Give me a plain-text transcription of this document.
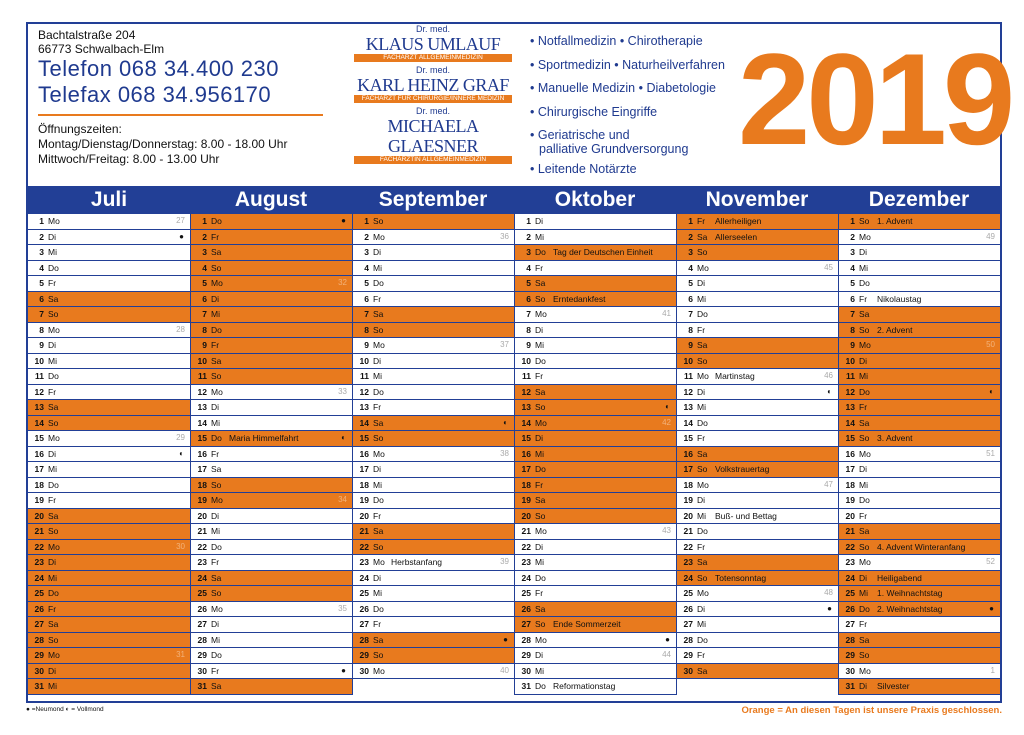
Bachtalstraße 204
66773 Schwalbach-Elm
Telefon 068 34.400 230
Telefax 068 34.956170
Öffnungszeiten:
Montag/Dienstag/Donnerstag: 8.00 - 18.00 Uhr
Mittwoch/Freitag: 8.00 - 13.00 Uhr
Dr. med.
KLAUS UMLAUF
FACHARZT ALLGEMEINMEDIZIN
Dr. med.
KARL HEINZ GRAF
FACHARZT FÜR CHIRURGIE/INNERE MEDIZIN
Dr. med.
MICHAELA GLAESNER
FACHÄRZTIN ALLGEMEINMEDIZIN
• Notfallmedizin • Chirotherapie
• Sportmedizin • Naturheilverfahren
• Manuelle Medizin • Diabetologie
• Chirurgische Eingriffe
• Geriatrische und
palliative Grundversorgung
• Leitende Notärzte 2019
Juli	August	September	Oktober	November	Dezember
1 Mo	27
2 Di	●
3 Mi
4 Do
5 Fr
6 Sa
7 So
8 Mo	28
9 Di
10 Mi
11 Do
12 Fr
13 Sa
14 So
15 Mo	29
16 Di	◐
17 Mi
18 Do
19 Fr
20 Sa
21 So
22 Mo	30
23 Di
24 Mi
25 Do
26 Fr
27 Sa
28 So
29 Mo	31
30 Di
31 Mi
1 Do	●
2 Fr
3 Sa
4 So
5 Mo	32
6 Di
7 Mi
8 Do
9 Fr
10 Sa
11 So
12 Mo	33
13 Di
14 Mi
15 Do Maria Himmelfahrt	◐
16 Fr
17 Sa
18 So
19 Mo	34
20 Di
21 Mi
22 Do
23 Fr
24 Sa
25 So
26 Mo	35
27 Di
28 Mi
29 Do
30 Fr	●
31 Sa
1 So
2 Mo	36
3 Di
4 Mi
5 Do
6 Fr
7 Sa
8 So
9 Mo	37
10 Di
11 Mi
12 Do
13 Fr
14 Sa	◐
15 So
16 Mo	38
17 Di
18 Mi
19 Do
20 Fr
21 Sa
22 So
23 Mo Herbstanfang	39
24 Di
25 Mi
26 Do
27 Fr
28 Sa	●
29 So
30 Mo	40
1 Di
2 Mi
3 Do Tag der Deutschen Einheit
4 Fr
5 Sa
6 So Erntedankfest
7 Mo	41
8 Di
9 Mi
10 Do
11 Fr
12 Sa
13 So	◐
14 Mo	42
15 Di
16 Mi
17 Do
18 Fr
19 Sa
20 So
21 Mo	43
22 Di
23 Mi
24 Do
25 Fr
26 Sa
27 So Ende Sommerzeit
28 Mo	●
29 Di	44
30 Mi
31 Do Reformationstag
1 Fr Allerheiligen
2 Sa Allerseelen
3 So
4 Mo	45
5 Di
6 Mi
7 Do
8 Fr
9 Sa
10 So
11 Mo Martinstag	46
12 Di	◐
13 Mi
14 Do
15 Fr
16 Sa
17 So Volkstrauertag
18 Mo	47
19 Di
20 Mi Buß- und Bettag
21 Do
22 Fr
23 Sa
24 So Totensonntag
25 Mo	48
26 Di	●
27 Mi
28 Do
29 Fr
30 Sa
1 So 1. Advent
2 Mo	49
3 Di
4 Mi
5 Do
6 Fr Nikolaustag
7 Sa
8 So 2. Advent
9 Mo	50
10 Di
11 Mi
12 Do	◐
13 Fr
14 Sa
15 So 3. Advent
16 Mo	51
17 Di
18 Mi
19 Do
20 Fr
21 Sa
22 So 4. Advent Winteranfang
23 Mo	52
24 Di Heiligabend
25 Mi 1. Weihnachtstag
26 Do 2. Weihnachtstag	●
27 Fr
28 Sa
29 So
30 Mo	1
31 Di Silvester
● =Neumond ◐ = Vollmond	Orange = An diesen Tagen ist unsere Praxis geschlossen.
